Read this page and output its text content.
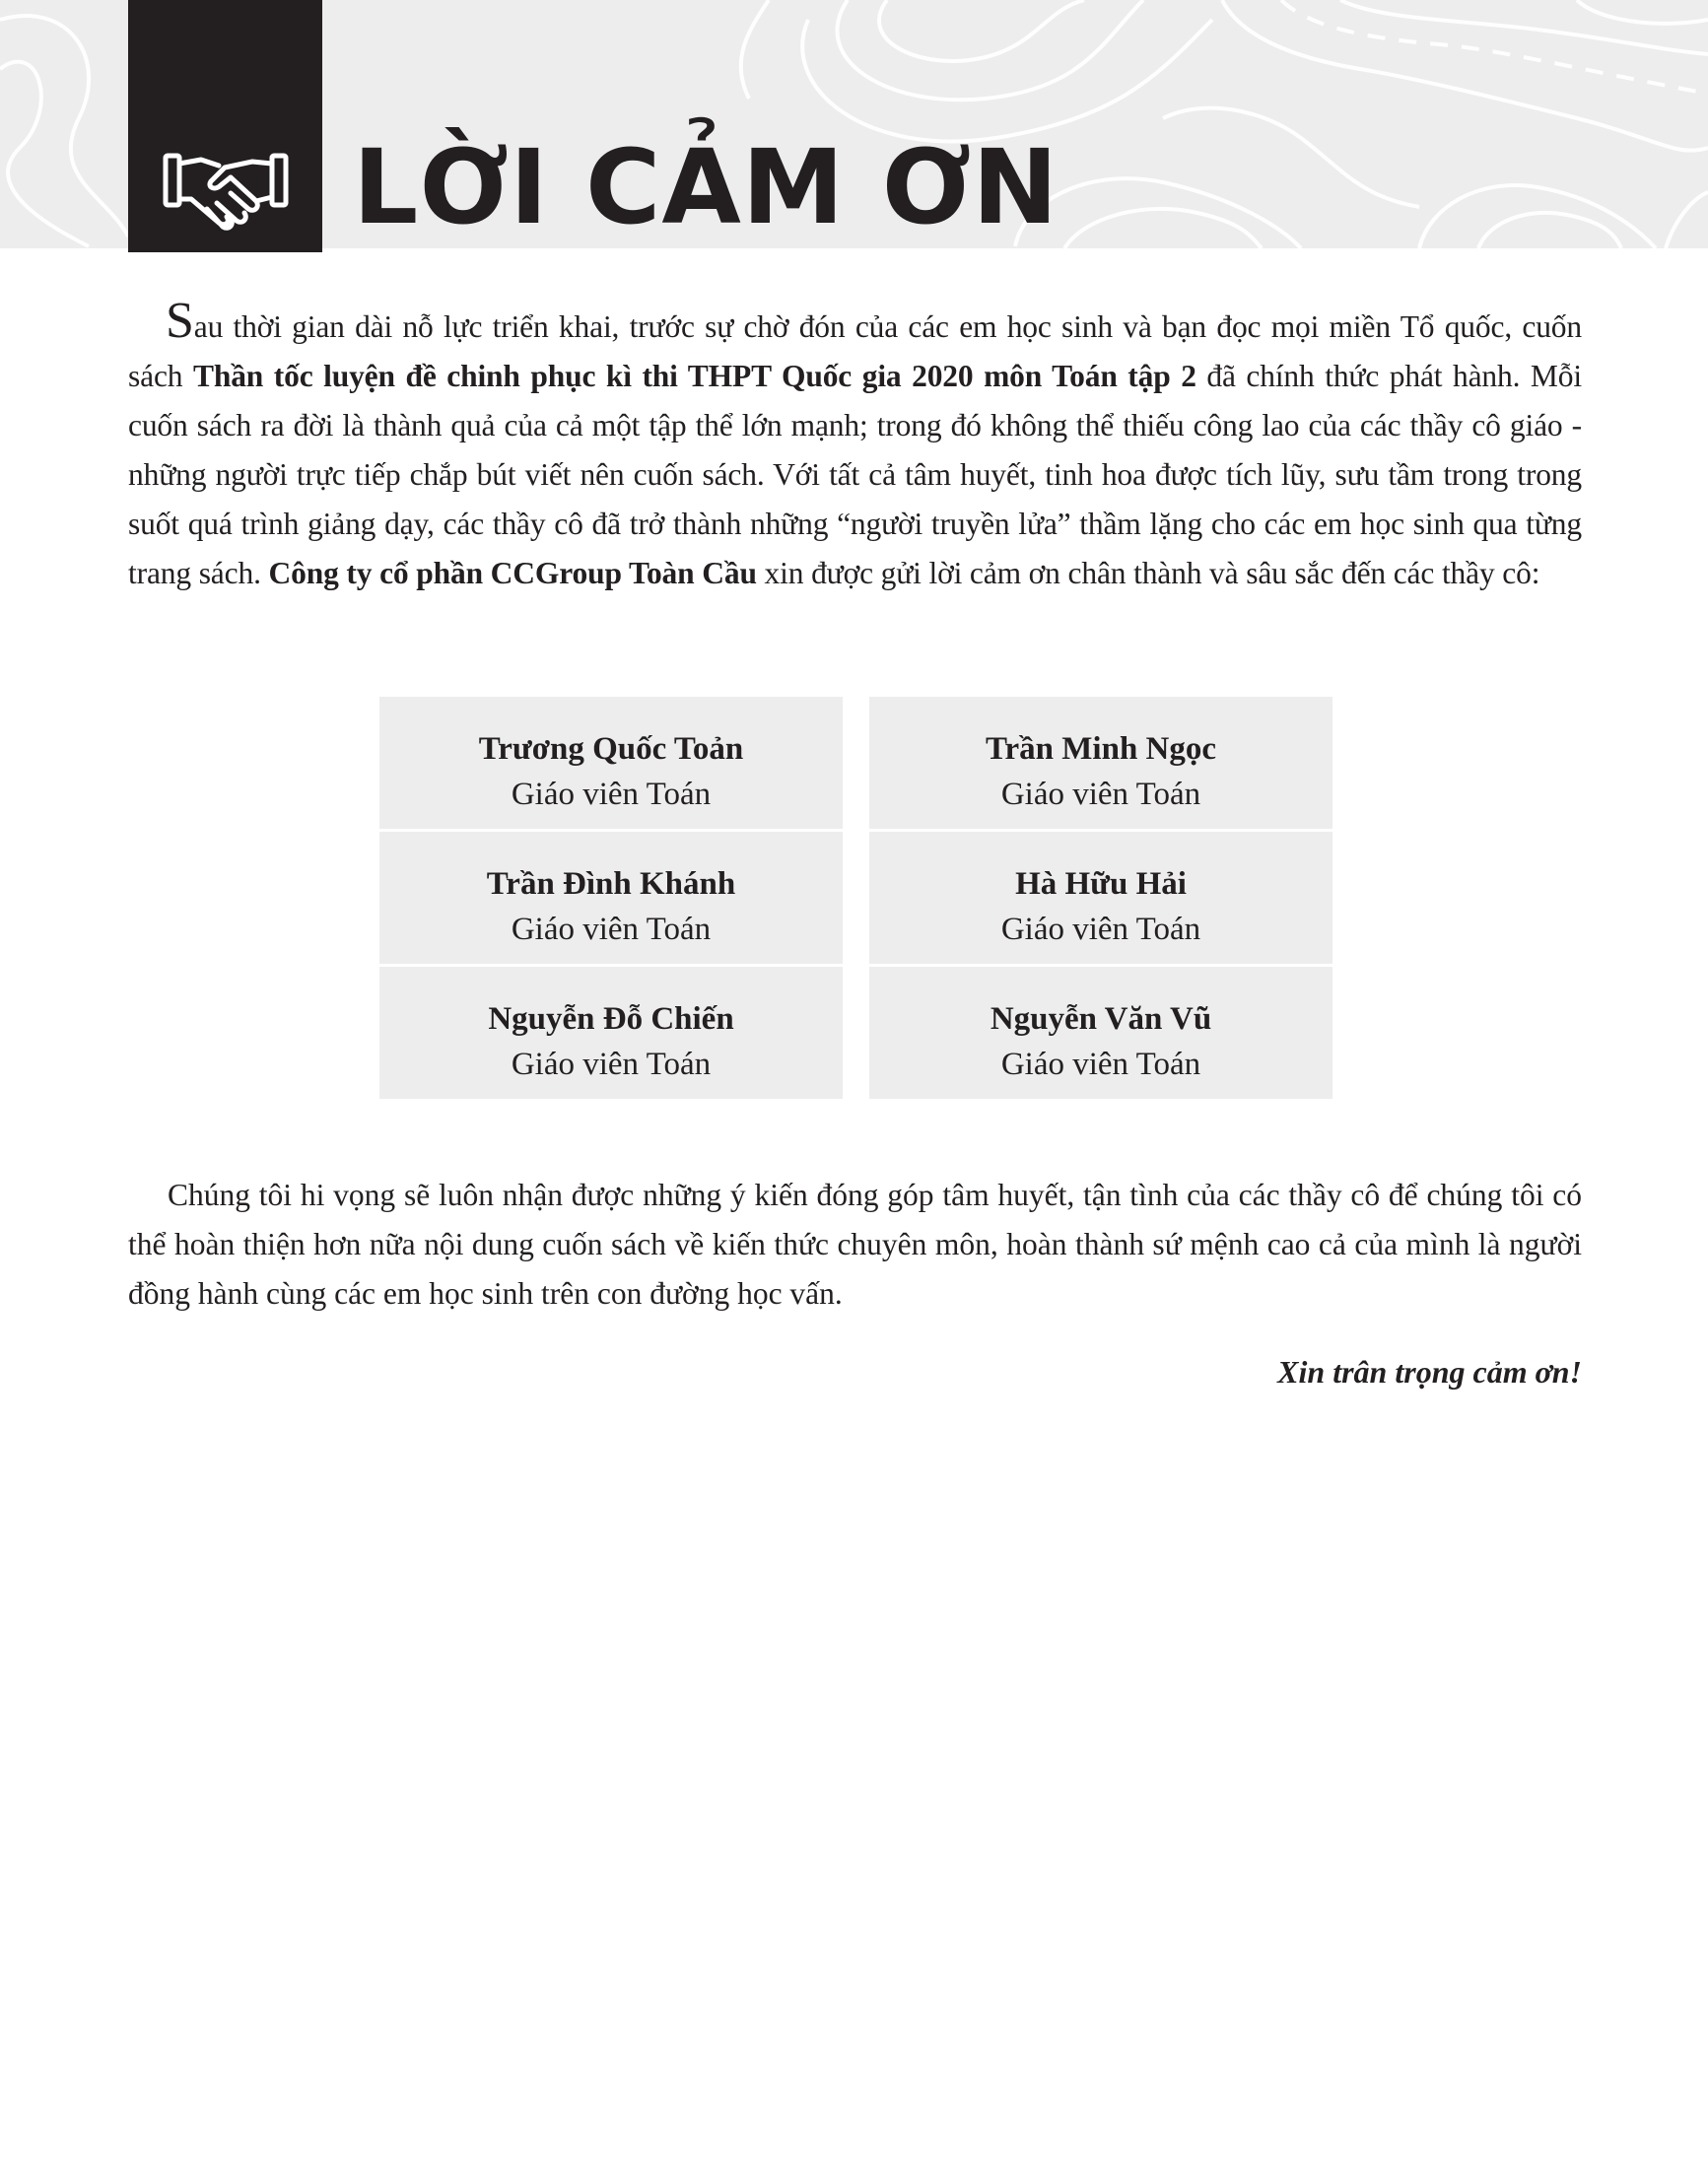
LỜI CẢM ƠN

Sau thời gian dài nỗ lực triển khai, trước sự chờ đón của các em học sinh và bạn đọc mọi miền Tổ quốc, cuốn sách Thần tốc luyện đề chinh phục kì thi THPT Quốc gia 2020 môn Toán tập 2 đã chính thức phát hành. Mỗi cuốn sách ra đời là thành quả của cả một tập thể lớn mạnh; trong đó không thể thiếu công lao của các thầy cô giáo - những người trực tiếp chắp bút viết nên cuốn sách. Với tất cả tâm huyết, tinh hoa được tích lũy, sưu tầm trong trong suốt quá trình giảng dạy, các thầy cô đã trở thành những “người truyền lửa” thầm lặng cho các em học sinh qua từng trang sách. Công ty cổ phần CCGroup Toàn Cầu xin được gửi lời cảm ơn chân thành và sâu sắc đến các thầy cô:

Trương Quốc Toản
Giáo viên Toán
Trần Minh Ngọc
Giáo viên Toán
Trần Đình Khánh
Giáo viên Toán
Hà Hữu Hải
Giáo viên Toán
Nguyễn Đỗ Chiến
Giáo viên Toán
Nguyễn Văn Vũ
Giáo viên Toán

Chúng tôi hi vọng sẽ luôn nhận được những ý kiến đóng góp tâm huyết, tận tình của các thầy cô để chúng tôi có thể hoàn thiện hơn nữa nội dung cuốn sách về kiến thức chuyên môn, hoàn thành sứ mệnh cao cả của mình là người đồng hành cùng các em học sinh trên con đường học vấn.

Xin trân trọng cảm ơn!
